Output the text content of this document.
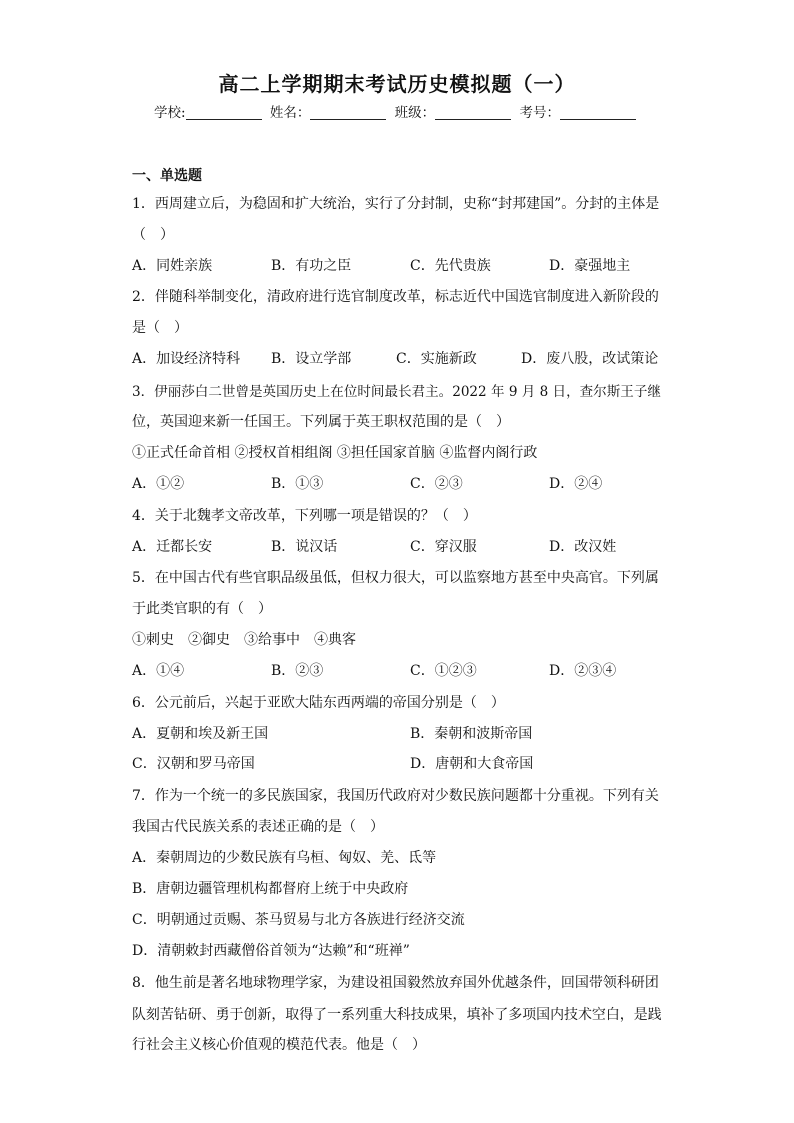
高二上学期期末考试历史模拟题（一）
学校:	姓名：	班级：	考号：
一、单选题
1．西周建立后，为稳固和扩大统治，实行了分封制，史称“封邦建国”。分封的主体是
（　）
A．同姓亲族	B．有功之臣	C．先代贵族	D．豪强地主
2．伴随科举制变化，清政府进行选官制度改革，标志近代中国选官制度进入新阶段的
是（　）
A．加设经济特科 B．设立学部	C．实施新政	D．废八股，改试策论
3．伊丽莎白二世曾是英国历史上在位时间最长君主。2022 年 9 月 8 日，查尔斯王子继
位，英国迎来新一任国王。下列属于英王职权范围的是（　）
①正式任命首相 ②授权首相组阁 ③担任国家首脑 ④监督内阁行政
A．①②	B．①③	C．②③	D．②④
4．关于北魏孝文帝改革，下列哪一项是错误的？（　）
A．迁都长安	B．说汉话	C．穿汉服	D．改汉姓
5．在中国古代有些官职品级虽低，但权力很大，可以监察地方甚至中央高官。下列属
于此类官职的有（　）
①刺史　②御史　③给事中　④典客
A．①④	B．②③	C．①②③	D．②③④
6．公元前后，兴起于亚欧大陆东西两端的帝国分别是（　）
A．夏朝和埃及新王国	B．秦朝和波斯帝国
C．汉朝和罗马帝国	D．唐朝和大食帝国
7．作为一个统一的多民族国家，我国历代政府对少数民族问题都十分重视。下列有关
我国古代民族关系的表述正确的是（　）
A．秦朝周边的少数民族有乌桓、匈奴、羌、氐等
B．唐朝边疆管理机构都督府上统于中央政府
C．明朝通过贡赐、茶马贸易与北方各族进行经济交流
D．清朝敕封西藏僧俗首领为“达赖”和“班禅”
8．他生前是著名地球物理学家，为建设祖国毅然放弃国外优越条件，回国带领科研团
队刻苦钻研、勇于创新，取得了一系列重大科技成果，填补了多项国内技术空白，是践
行社会主义核心价值观的模范代表。他是（　）
